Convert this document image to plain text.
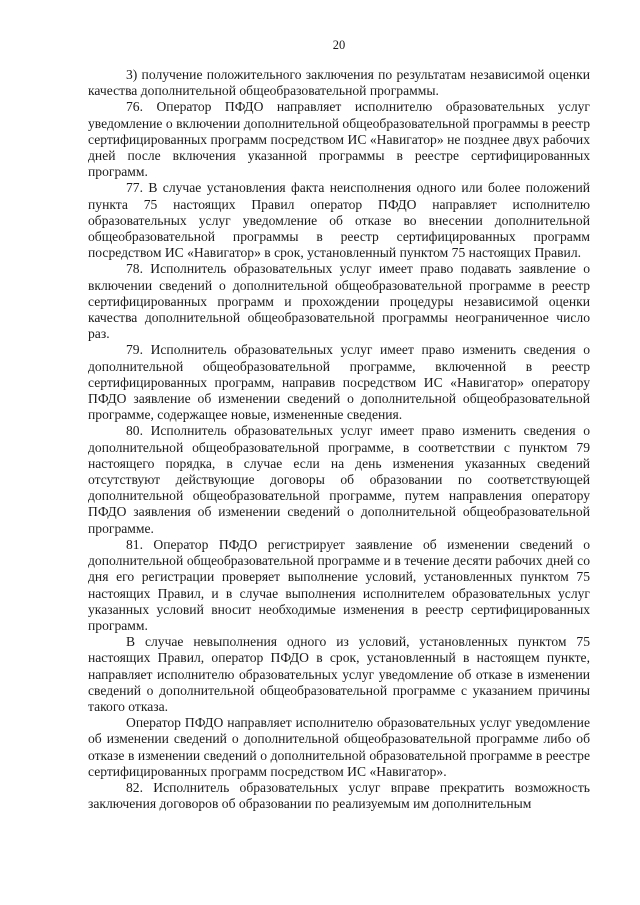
20

3) получение положительного заключения по результатам независимой оценки качества дополнительной общеобразовательной программы.

76. Оператор ПФДО направляет исполнителю образовательных услуг уведомление о включении дополнительной общеобразовательной программы в реестр сертифицированных программ посредством ИС «Навигатор» не позднее двух рабочих дней после включения указанной программы в реестре сертифицированных программ.

77. В случае установления факта неисполнения одного или более положений пункта 75 настоящих Правил оператор ПФДО направляет исполнителю образовательных услуг уведомление об отказе во внесении дополнительной общеобразовательной программы в реестр сертифицированных программ посредством ИС «Навигатор» в срок, установленный пунктом 75 настоящих Правил.

78. Исполнитель образовательных услуг имеет право подавать заявление о включении сведений о дополнительной общеобразовательной программе в реестр сертифицированных программ и прохождении процедуры независимой оценки качества дополнительной общеобразовательной программы неограниченное число раз.

79. Исполнитель образовательных услуг имеет право изменить сведения о дополнительной общеобразовательной программе, включенной в реестр сертифицированных программ, направив посредством ИС «Навигатор» оператору ПФДО заявление об изменении сведений о дополнительной общеобразовательной программе, содержащее новые, измененные сведения.

80. Исполнитель образовательных услуг имеет право изменить сведения о дополнительной общеобразовательной программе, в соответствии с пунктом 79 настоящего порядка, в случае если на день изменения указанных сведений отсутствуют действующие договоры об образовании по соответствующей дополнительной общеобразовательной программе, путем направления оператору ПФДО заявления об изменении сведений о дополнительной общеобразовательной программе.

81. Оператор ПФДО регистрирует заявление об изменении сведений о дополнительной общеобразовательной программе и в течение десяти рабочих дней со дня его регистрации проверяет выполнение условий, установленных пунктом 75 настоящих Правил, и в случае выполнения исполнителем образовательных услуг указанных условий вносит необходимые изменения в реестр сертифицированных программ.

В случае невыполнения одного из условий, установленных пунктом 75 настоящих Правил, оператор ПФДО в срок, установленный в настоящем пункте, направляет исполнителю образовательных услуг уведомление об отказе в изменении сведений о дополнительной общеобразовательной программе с указанием причины такого отказа.

Оператор ПФДО направляет исполнителю образовательных услуг уведомление об изменении сведений о дополнительной общеобразовательной программе либо об отказе в изменении сведений о дополнительной образовательной программе в реестре сертифицированных программ посредством ИС «Навигатор».

82. Исполнитель образовательных услуг вправе прекратить возможность заключения договоров об образовании по реализуемым им дополнительным
